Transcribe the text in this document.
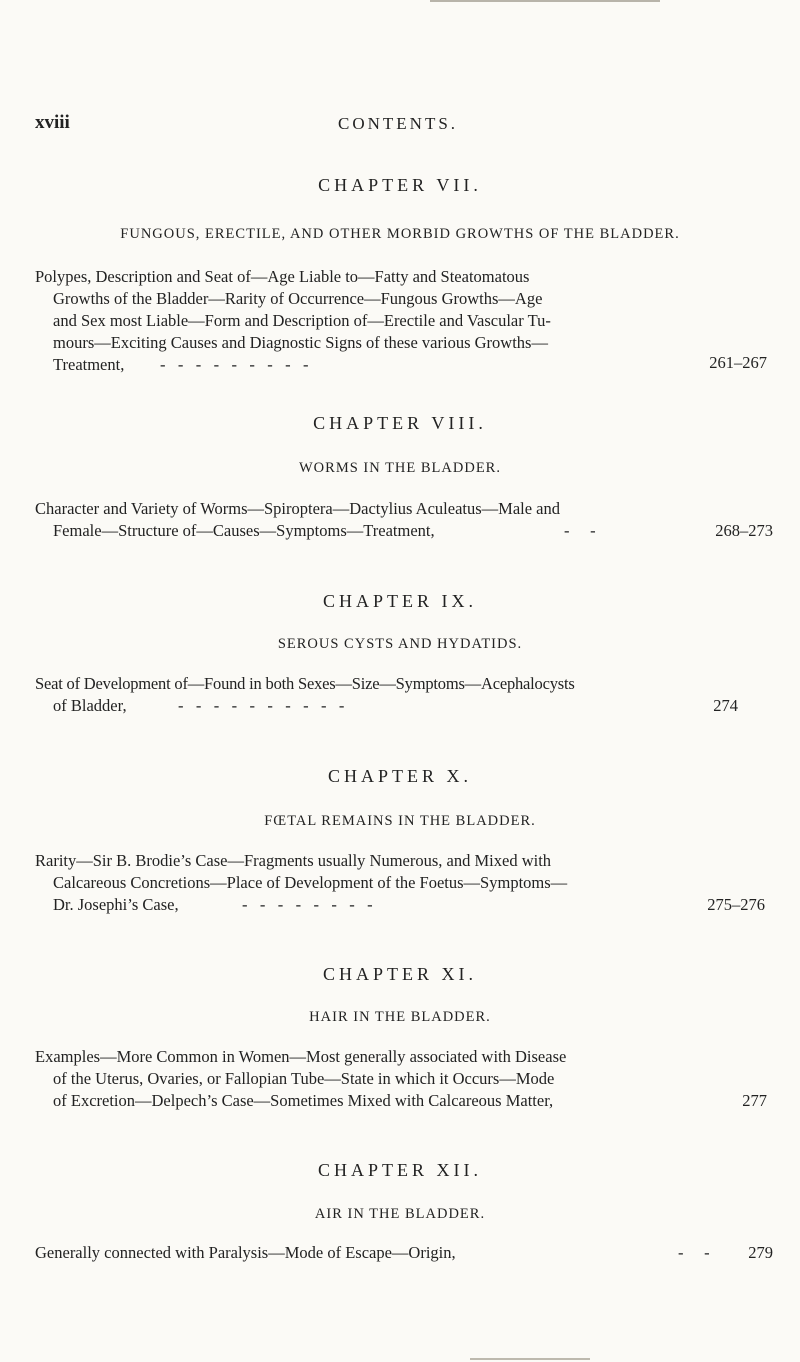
xviii	CONTENTS.
CHAPTER VII.
FUNGOUS, ERECTILE, AND OTHER MORBID GROWTHS OF THE BLADDER.
Polypes, Description and Seat of—Age Liable to—Fatty and Steatomatous
Growths of the Bladder—Rarity of Occurrence—Fungous Growths—Age
and Sex most Liable—Form and Description of—Erectile and Vascular Tu-
mours—Exciting Causes and Diagnostic Signs of these various Growths—
Treatment, -   -   -   -   -   -   -   -   -	261–267
CHAPTER VIII.
WORMS IN THE BLADDER.
Character and Variety of Worms—Spiroptera—Dactylius Aculeatus—Male and
Female—Structure of—Causes—Symptoms—Treatment,	-     -	268–273
CHAPTER IX.
SEROUS CYSTS AND HYDATIDS.
Seat of Development of—Found in both Sexes—Size—Symptoms—Acephalocysts
of Bladder,	-   -   -   -   -   -   -   -   -   -	274
CHAPTER X.
FŒTAL REMAINS IN THE BLADDER.
Rarity—Sir B. Brodie’s Case—Fragments usually Numerous, and Mixed with
Calcareous Concretions—Place of Development of the Foetus—Symptoms—
Dr. Josephi’s Case,	-   -   -   -   -   -   -   -	275–276
CHAPTER XI.
HAIR IN THE BLADDER.
Examples—More Common in Women—Most generally associated with Disease
of the Uterus, Ovaries, or Fallopian Tube—State in which it Occurs—Mode
of Excretion—Delpech’s Case—Sometimes Mixed with Calcareous Matter,	277
CHAPTER XII.
AIR IN THE BLADDER.
Generally connected with Paralysis—Mode of Escape—Origin,	-     - 279
